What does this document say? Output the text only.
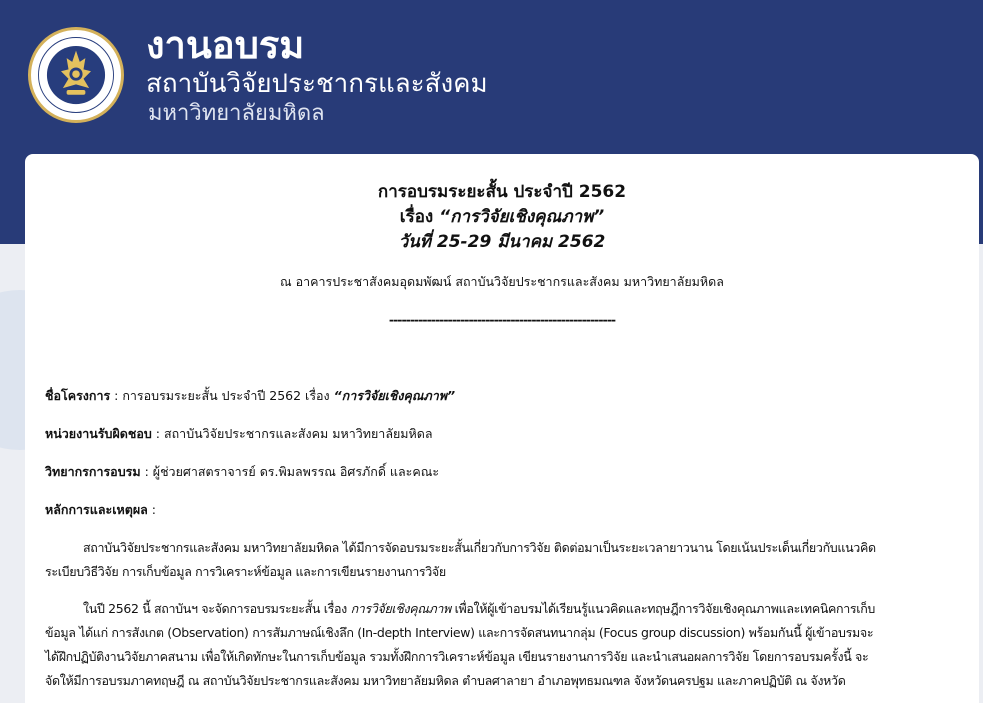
งานอบรม
สถาบันวิจัยประชากรและสังคม
มหาวิทยาลัยมหิดล
การอบรมระยะสั้น ประจำปี 2562
เรื่อง “การวิจัยเชิงคุณภาพ”
วันที่ 25-29 มีนาคม 2562
ณ อาคารประชาสังคมอุดมพัฒน์ สถาบันวิจัยประชากรและสังคม มหาวิทยาลัยมหิดล
------------------------------------------------------
ชื่อโครงการ : การอบรมระยะสั้น ประจำปี 2562 เรื่อง “การวิจัยเชิงคุณภาพ”
หน่วยงานรับผิดชอบ : สถาบันวิจัยประชากรและสังคม มหาวิทยาลัยมหิดล
วิทยากรการอบรม : ผู้ช่วยศาสตราจารย์ ดร.พิมลพรรณ อิศรภักดิ์ และคณะ
หลักการและเหตุผล :
สถาบันวิจัยประชากรและสังคม มหาวิทยาลัยมหิดล ได้มีการจัดอบรมระยะสั้นเกี่ยวกับการวิจัย ติดต่อมาเป็นระยะเวลายาวนาน โดยเน้นประเด็นเกี่ยวกับแนวคิด
ระเบียบวิธีวิจัย การเก็บข้อมูล การวิเคราะห์ข้อมูล และการเขียนรายงานการวิจัย
ในปี 2562 นี้ สถาบันฯ จะจัดการอบรมระยะสั้น เรื่อง การวิจัยเชิงคุณภาพ เพื่อให้ผู้เข้าอบรมได้เรียนรู้แนวคิดและทฤษฎีการวิจัยเชิงคุณภาพและเทคนิคการเก็บ
ข้อมูล ได้แก่ การสังเกต (Observation) การสัมภาษณ์เชิงลึก (In-depth Interview) และการจัดสนทนากลุ่ม (Focus group discussion) พร้อมกันนี้ ผู้เข้าอบรมจะ
ได้ฝึกปฏิบัติงานวิจัยภาคสนาม เพื่อให้เกิดทักษะในการเก็บข้อมูล รวมทั้งฝึกการวิเคราะห์ข้อมูล เขียนรายงานการวิจัย และนำเสนอผลการวิจัย โดยการอบรมครั้งนี้ จะ
จัดให้มีการอบรมภาคทฤษฎี ณ สถาบันวิจัยประชากรและสังคม มหาวิทยาลัยมหิดล ตำบลศาลายา อำเภอพุทธมณฑล จังหวัดนครปฐม และภาคปฏิบัติ ณ จังหวัด
